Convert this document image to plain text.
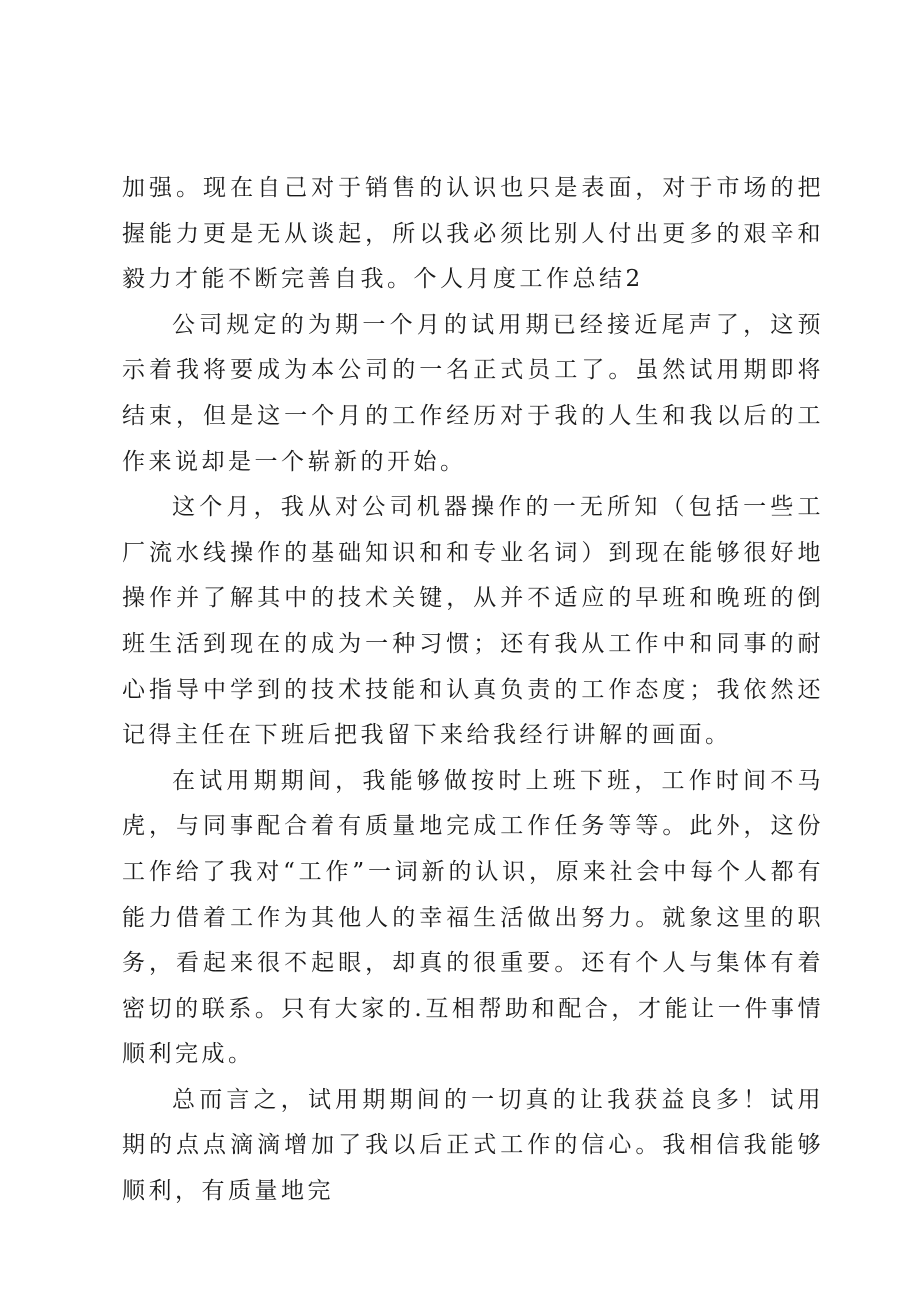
加强。现在自己对于销售的认识也只是表面，对于市场的把握能力更是无从谈起，所以我必须比别人付出更多的艰辛和毅力才能不断完善自我。个人月度工作总结2

公司规定的为期一个月的试用期已经接近尾声了，这预示着我将要成为本公司的一名正式员工了。虽然试用期即将结束，但是这一个月的工作经历对于我的人生和我以后的工作来说却是一个崭新的开始。

这个月，我从对公司机器操作的一无所知（包括一些工厂流水线操作的基础知识和和专业名词）到现在能够很好地操作并了解其中的技术关键，从并不适应的早班和晚班的倒班生活到现在的成为一种习惯；还有我从工作中和同事的耐心指导中学到的技术技能和认真负责的工作态度；我依然还记得主任在下班后把我留下来给我经行讲解的画面。

在试用期期间，我能够做按时上班下班，工作时间不马虎，与同事配合着有质量地完成工作任务等等。此外，这份工作给了我对“工作”一词新的认识，原来社会中每个人都有能力借着工作为其他人的幸福生活做出努力。就象这里的职务，看起来很不起眼，却真的很重要。还有个人与集体有着密切的联系。只有大家的.互相帮助和配合，才能让一件事情顺利完成。

总而言之，试用期期间的一切真的让我获益良多！试用期的点点滴滴增加了我以后正式工作的信心。我相信我能够顺利，有质量地完
